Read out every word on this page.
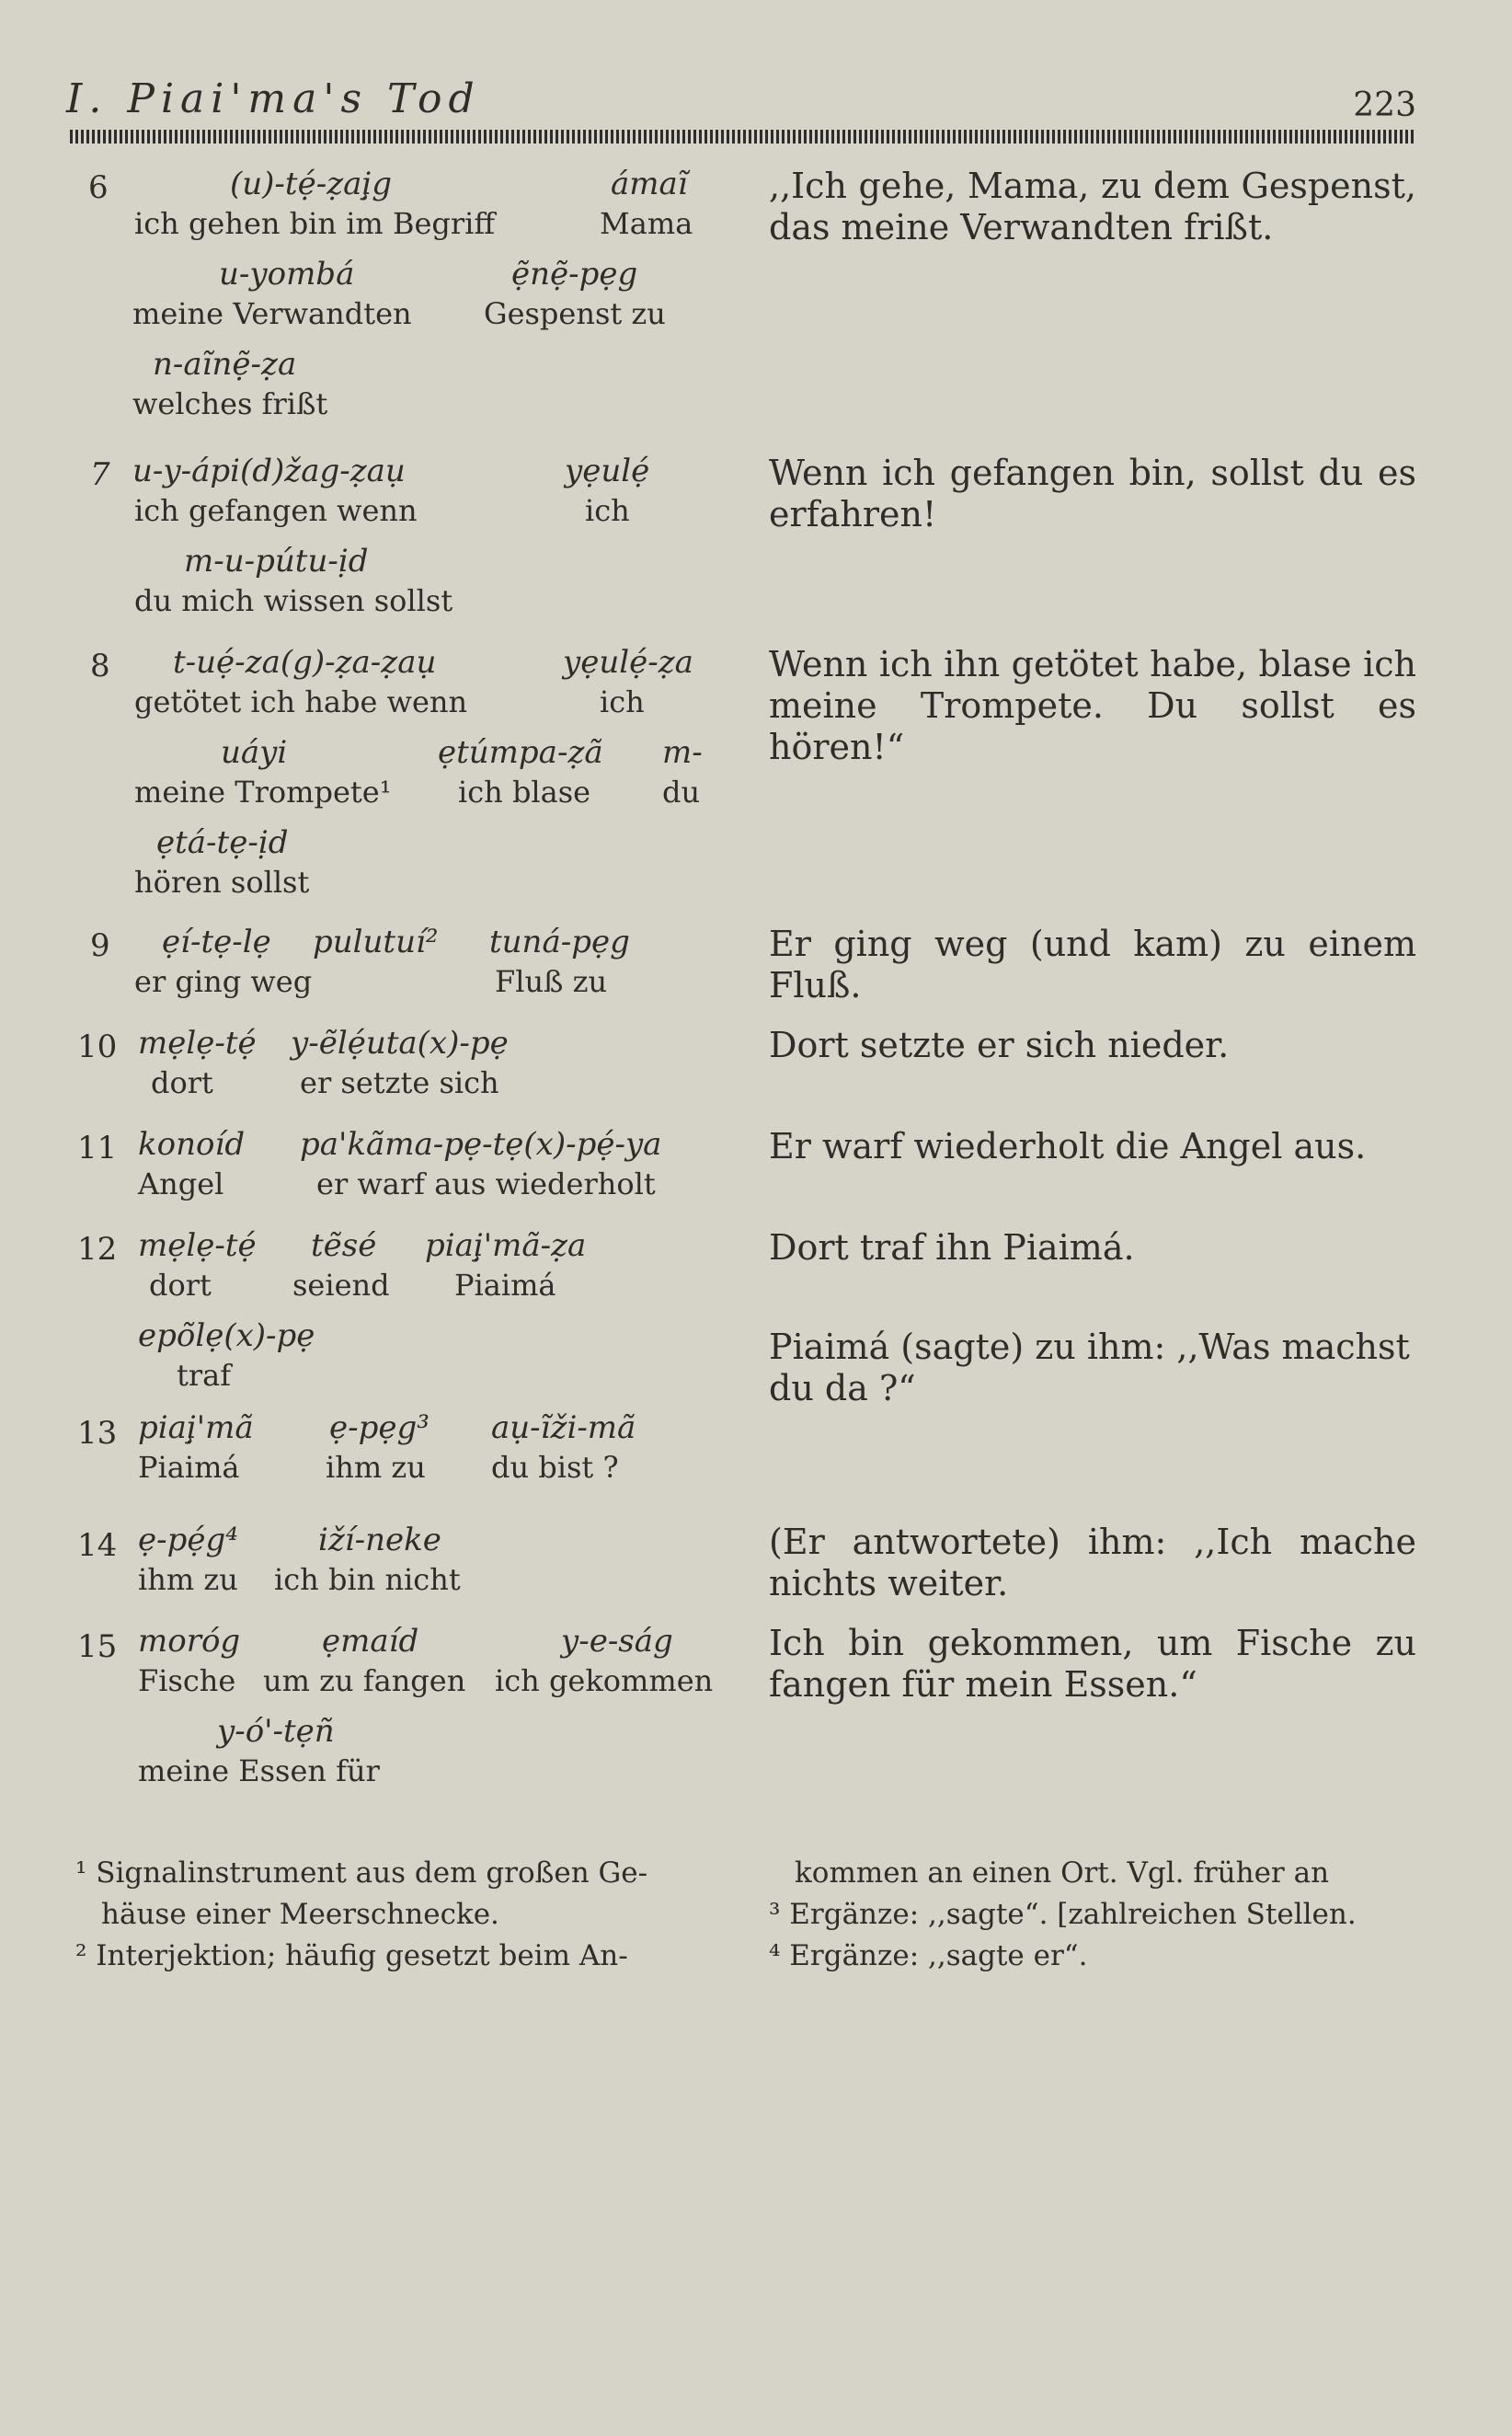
I. Piai'ma's Tod	223
6	(u)-tẹ́-ẓaị̧g
ich gehen bin im Begriff
ámaĩ
Mama
u-yombá
meine Verwandten
ẹ̃nẹ̃-pẹg
Gespenst zu
n-aĩnẹ̃-ẓa
welches frißt
,,Ich gehe, Mama, zu dem Gespenst, das meine Verwandten frißt.
7 u-y-ápi(d)žag-ẓaụ
ich gefangen wenn
yẹulẹ́
ich
m-u-pútu-ịd
du mich wissen sollst
Wenn ich gefangen bin, sollst du es erfahren!
8 t-uẹ́-za(g)-ẓa-ẓaụ
getötet ich habe wenn
yẹulẹ́-ẓa
ich
uáyi
meine Trompete¹
ẹtúmpa-ẓã
ich blase
m-
du
ẹtá-tẹ-ịd
hören sollst
Wenn ich ihn getötet habe, blase ich meine Trompete. Du sollst es hören!“
9 ẹí-tẹ-lẹ
er ging weg
pulutuí² tuná-pẹg
Fluß zu
Er ging weg (und kam) zu einem Fluß.
10 mẹlẹ-tẹ́
dort
y-ẽlẹ́uta(x)-pẹ
er setzte sich
Dort setzte er sich nieder.
11 konoíd
Angel
pa'kãma-pẹ-tẹ(x)-pẹ́-ya
er warf aus wiederholt
Er warf wiederholt die Angel aus.
12 mẹlẹ-tẹ́
dort
tẽsé
seiend
piaị̧'mã-ẓa
Piaimá
epõlẹ(x)-pẹ
traf
Dort traf ihn Piaimá.
Piaimá (sagte) zu ihm: ,,Was machst du da ?“
13 piaị̧'mã
Piaimá
ẹ-pẹg³
ihm zu
aụ-ĩži-mã
du bist ?
14 ẹ-pẹ́g⁴
ihm zu
iží-neke
ich bin nicht
(Er antwortete) ihm: ,,Ich mache nichts weiter.
15 moróg
Fische
ẹmaíd
um zu fangen
y-e-ság
ich gekommen
y-ó'-tẹñ
meine Essen für
Ich bin gekommen, um Fische zu fangen für mein Essen.“
¹ Signalinstrument aus dem großen Ge-
häuse einer Meerschnecke.
² Interjektion; häufig gesetzt beim An-
kommen an einen Ort. Vgl. früher an
³ Ergänze: ,,sagte“. [zahlreichen Stellen.
⁴ Ergänze: ,,sagte er“.
